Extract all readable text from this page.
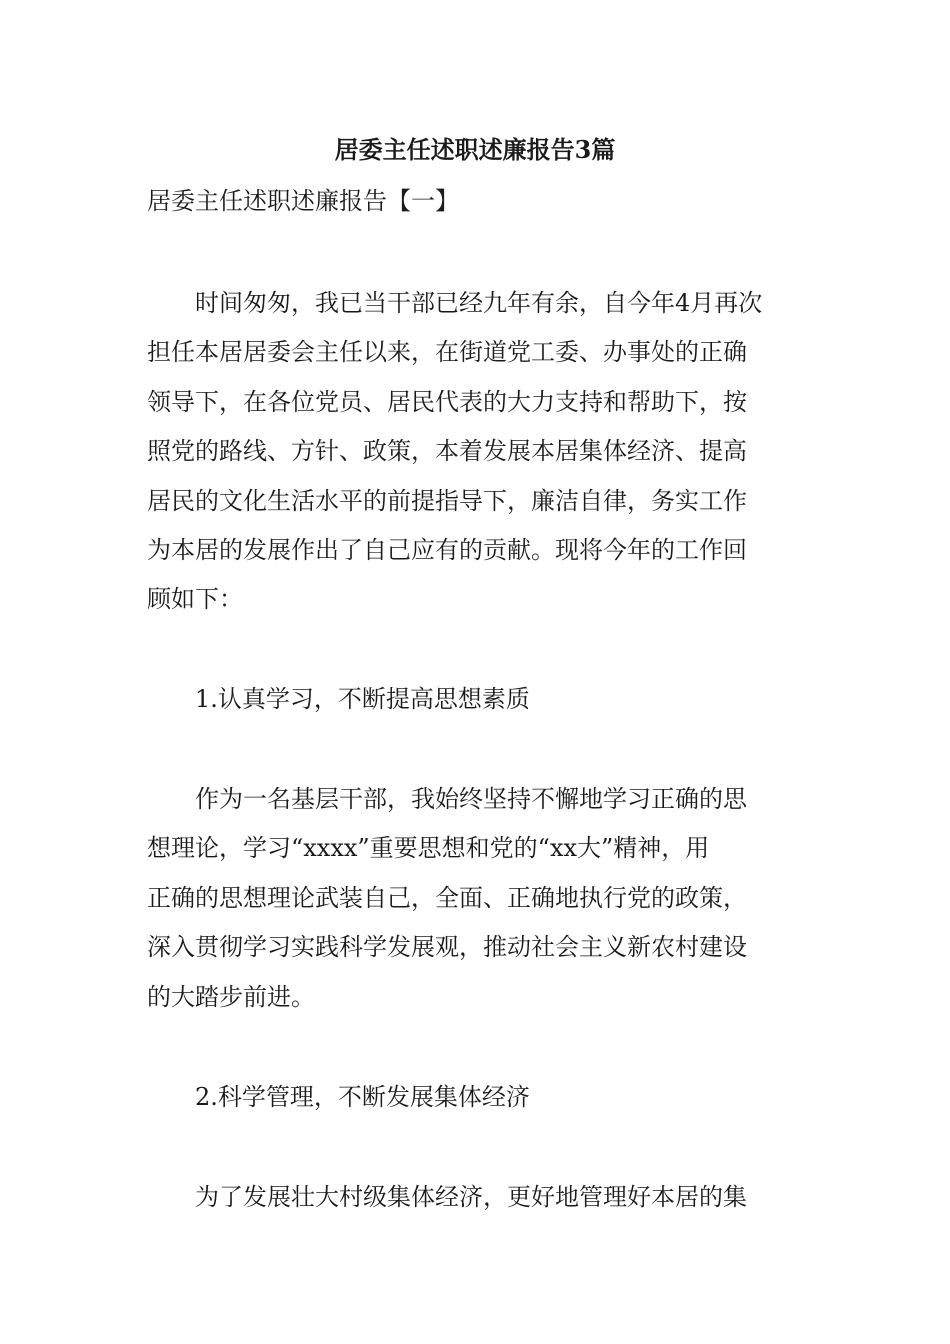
居委主任述职述廉报告3篇
居委主任述职述廉报告【一】
　　时间匆匆，我已当干部已经九年有余，自今年4月再次
担任本居居委会主任以来，在街道党工委、办事处的正确
领导下，在各位党员、居民代表的大力支持和帮助下，按
照党的路线、方针、政策，本着发展本居集体经济、提高
居民的文化生活水平的前提指导下，廉洁自律，务实工作
为本居的发展作出了自己应有的贡献。现将今年的工作回
顾如下：
1.认真学习，不断提高思想素质
　　作为一名基层干部，我始终坚持不懈地学习正确的思
想理论，学习“xxxx”重要思想和党的“xx大”精神，用
正确的思想理论武装自己，全面、正确地执行党的政策，
深入贯彻学习实践科学发展观，推动社会主义新农村建设
的大踏步前进。
2.科学管理，不断发展集体经济
　　为了发展壮大村级集体经济，更好地管理好本居的集
